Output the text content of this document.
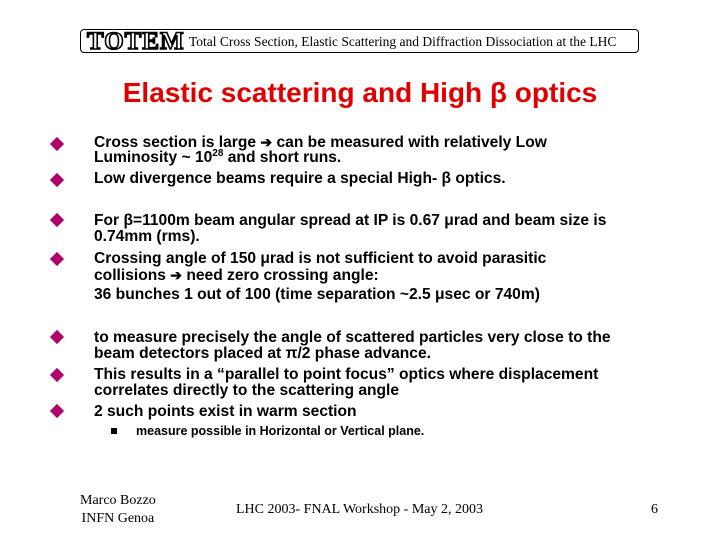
TOTEM Total Cross Section, Elastic Scattering and Diffraction Dissociation at the LHC
Elastic scattering and High β optics
Cross section is large ➔ can be measured with relatively Low
Luminosity ~ $10^{28}$ and short runs.
Low divergence beams require a special High- β optics.
For β=1100m beam angular spread at IP is 0.67 μrad and beam size is
0.74mm (rms).
Crossing angle of 150 μrad is not sufficient to avoid parasitic
collisions ➔ need zero crossing angle:
36 bunches 1 out of 100 (time separation ~2.5 μsec or 740m)
to measure precisely the angle of scattered particles very close to the
beam detectors placed at π/2 phase advance.
This results in a “parallel to point focus” optics where displacement
correlates directly to the scattering angle
2 such points exist in warm section
measure possible in Horizontal or Vertical plane.
Marco Bozzo
INFN Genoa
LHC 2003- FNAL Workshop - May 2, 2003	6
